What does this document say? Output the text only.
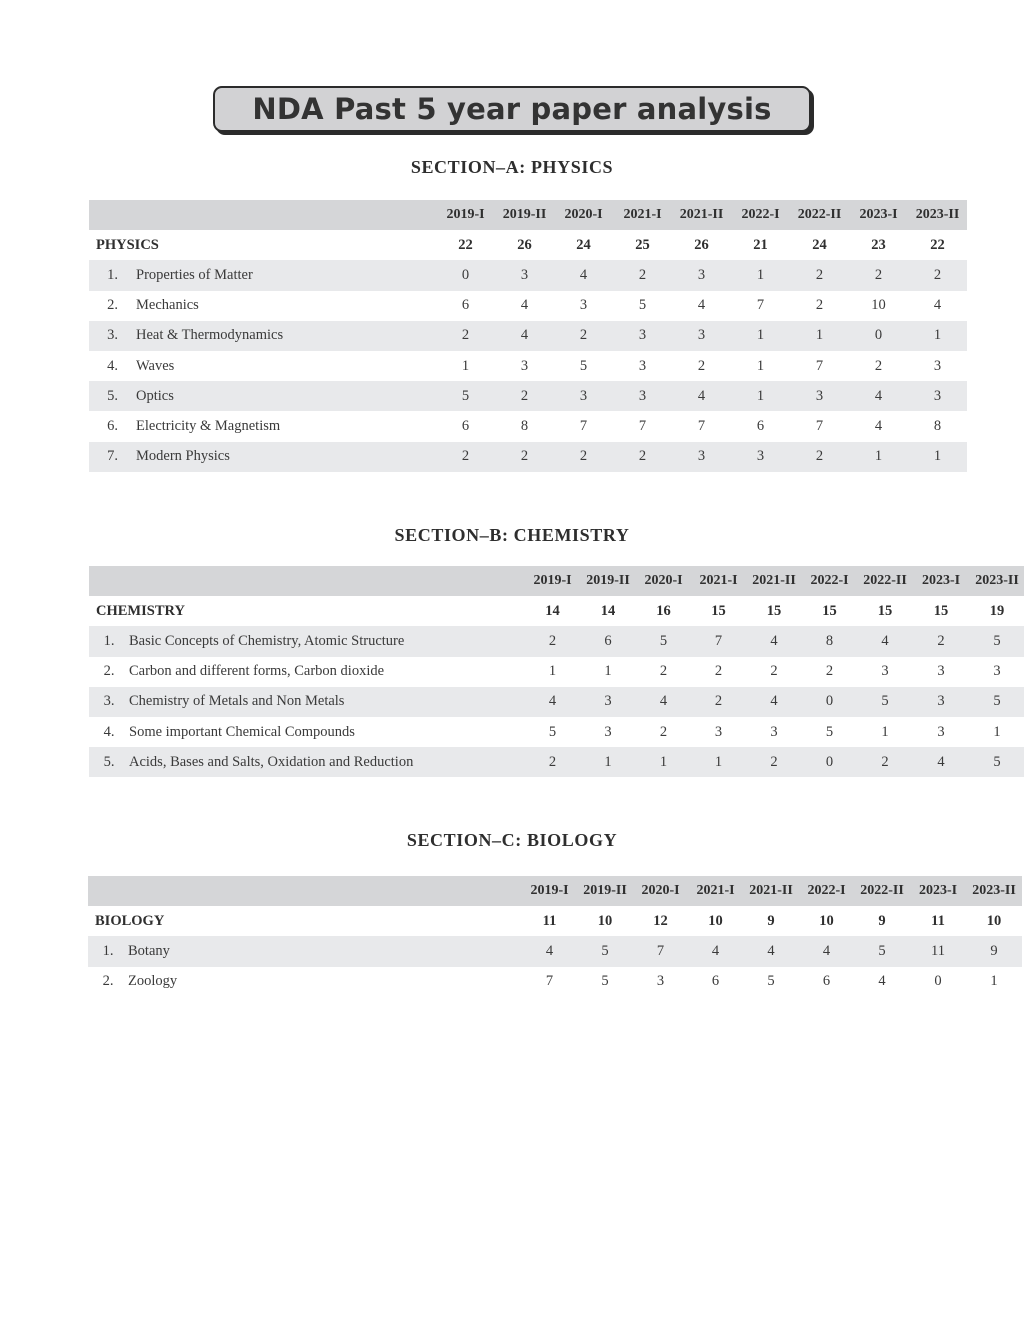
NDA Past 5 year paper analysis
SECTION–A: PHYSICS
		2019-I	2019-II	2020-I	2021-I	2021-II	2022-I	2022-II	2023-I	2023-II
PHYSICS		22	26	24	25	26	21	24	23	22
1.	Properties of Matter	0	3	4	2	3	1	2	2	2
2.	Mechanics	6	4	3	5	4	7	2	10	4
3.	Heat & Thermodynamics	2	4	2	3	3	1	1	0	1
4.	Waves	1	3	5	3	2	1	7	2	3
5.	Optics	5	2	3	3	4	1	3	4	3
6.	Electricity & Magnetism	6	8	7	7	7	6	7	4	8
7.	Modern Physics	2	2	2	2	3	3	2	1	1
SECTION–B: CHEMISTRY
		2019-I	2019-II	2020-I	2021-I	2021-II	2022-I	2022-II	2023-I	2023-II
CHEMISTRY		14	14	16	15	15	15	15	15	19
1.	Basic Concepts of Chemistry, Atomic Structure	2	6	5	7	4	8	4	2	5
2.	Carbon and different forms, Carbon dioxide	1	1	2	2	2	2	3	3	3
3.	Chemistry of Metals and Non Metals	4	3	4	2	4	0	5	3	5
4.	Some important Chemical Compounds	5	3	2	3	3	5	1	3	1
5.	Acids, Bases and Salts, Oxidation and Reduction	2	1	1	1	2	0	2	4	5
SECTION–C: BIOLOGY
		2019-I	2019-II	2020-I	2021-I	2021-II	2022-I	2022-II	2023-I	2023-II
BIOLOGY		11	10	12	10	9	10	9	11	10
1.	Botany	4	5	7	4	4	4	5	11	9
2.	Zoology	7	5	3	6	5	6	4	0	1
